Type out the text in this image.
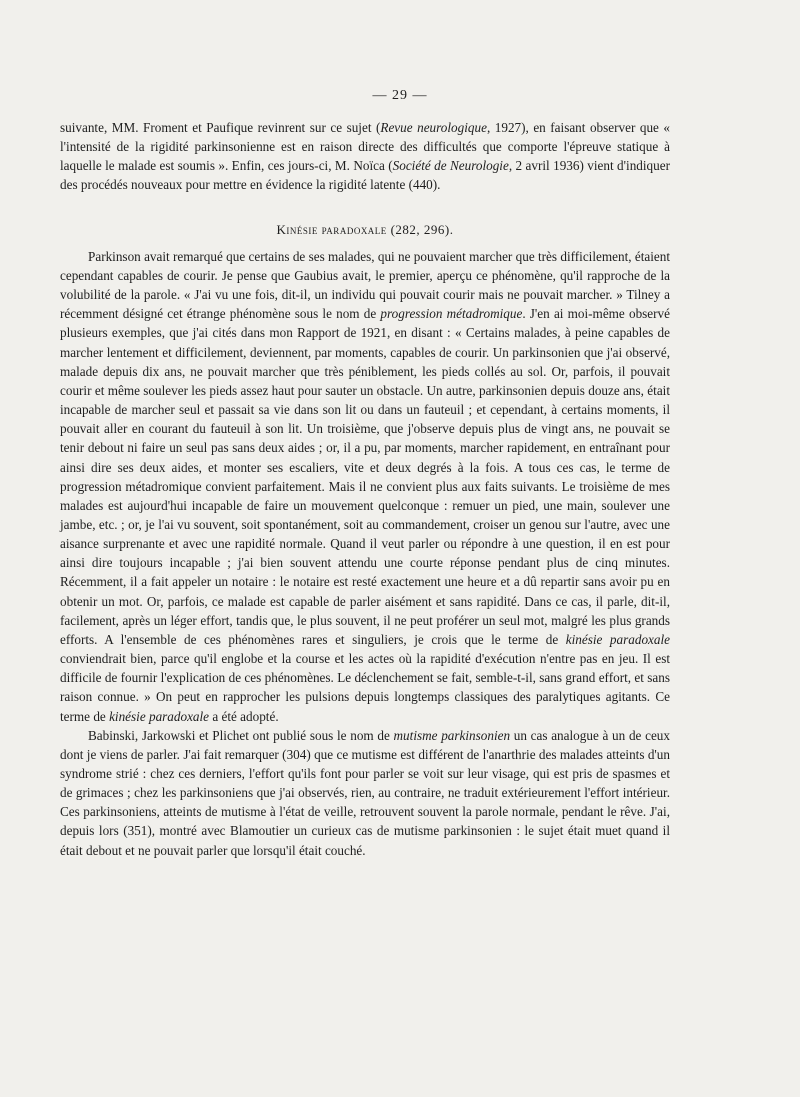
— 29 —

suivante, MM. Froment et Paufique revinrent sur ce sujet (Revue neurologique, 1927), en faisant observer que « l'intensité de la rigidité parkinsonienne est en raison directe des difficultés que comporte l'épreuve statique à laquelle le malade est soumis ». Enfin, ces jours-ci, M. Noïca (Société de Neurologie, 2 avril 1936) vient d'indiquer des procédés nouveaux pour mettre en évidence la rigidité latente (440).

Kinésie paradoxale (282, 296).

Parkinson avait remarqué que certains de ses malades, qui ne pouvaient marcher que très difficilement, étaient cependant capables de courir. Je pense que Gaubius avait, le premier, aperçu ce phénomène, qu'il rapproche de la volubilité de la parole. « J'ai vu une fois, dit-il, un individu qui pouvait courir mais ne pouvait marcher. » Tilney a récemment désigné cet étrange phénomène sous le nom de progression métadromique. J'en ai moi-même observé plusieurs exemples, que j'ai cités dans mon Rapport de 1921, en disant : « Certains malades, à peine capables de marcher lentement et difficilement, deviennent, par moments, capables de courir. Un parkinsonien que j'ai observé, malade depuis dix ans, ne pouvait marcher que très péniblement, les pieds collés au sol. Or, parfois, il pouvait courir et même soulever les pieds assez haut pour sauter un obstacle. Un autre, parkinsonien depuis douze ans, était incapable de marcher seul et passait sa vie dans son lit ou dans un fauteuil ; et cependant, à certains moments, il pouvait aller en courant du fauteuil à son lit. Un troisième, que j'observe depuis plus de vingt ans, ne pouvait se tenir debout ni faire un seul pas sans deux aides ; or, il a pu, par moments, marcher rapidement, en entraînant pour ainsi dire ses deux aides, et monter ses escaliers, vite et deux degrés à la fois. A tous ces cas, le terme de progression métadromique convient parfaitement. Mais il ne convient plus aux faits suivants. Le troisième de mes malades est aujourd'hui incapable de faire un mouvement quelconque : remuer un pied, une main, soulever une jambe, etc. ; or, je l'ai vu souvent, soit spontanément, soit au commandement, croiser un genou sur l'autre, avec une aisance surprenante et avec une rapidité normale. Quand il veut parler ou répondre à une question, il en est pour ainsi dire toujours incapable ; j'ai bien souvent attendu une courte réponse pendant plus de cinq minutes. Récemment, il a fait appeler un notaire : le notaire est resté exactement une heure et a dû repartir sans avoir pu en obtenir un mot. Or, parfois, ce malade est capable de parler aisément et sans rapidité. Dans ce cas, il parle, dit-il, facilement, après un léger effort, tandis que, le plus souvent, il ne peut proférer un seul mot, malgré les plus grands efforts. A l'ensemble de ces phénomènes rares et singuliers, je crois que le terme de kinésie paradoxale conviendrait bien, parce qu'il englobe et la course et les actes où la rapidité d'exécution n'entre pas en jeu. Il est difficile de fournir l'explication de ces phénomènes. Le déclenchement se fait, semble-t-il, sans grand effort, et sans raison connue. » On peut en rapprocher les pulsions depuis longtemps classiques des paralytiques agitants. Ce terme de kinésie paradoxale a été adopté.

Babinski, Jarkowski et Plichet ont publié sous le nom de mutisme parkinsonien un cas analogue à un de ceux dont je viens de parler. J'ai fait remarquer (304) que ce mutisme est différent de l'anarthrie des malades atteints d'un syndrome strié : chez ces derniers, l'effort qu'ils font pour parler se voit sur leur visage, qui est pris de spasmes et de grimaces ; chez les parkinsoniens que j'ai observés, rien, au contraire, ne traduit extérieurement l'effort intérieur. Ces parkinsoniens, atteints de mutisme à l'état de veille, retrouvent souvent la parole normale, pendant le rêve. J'ai, depuis lors (351), montré avec Blamoutier un curieux cas de mutisme parkinsonien : le sujet était muet quand il était debout et ne pouvait parler que lorsqu'il était couché.
